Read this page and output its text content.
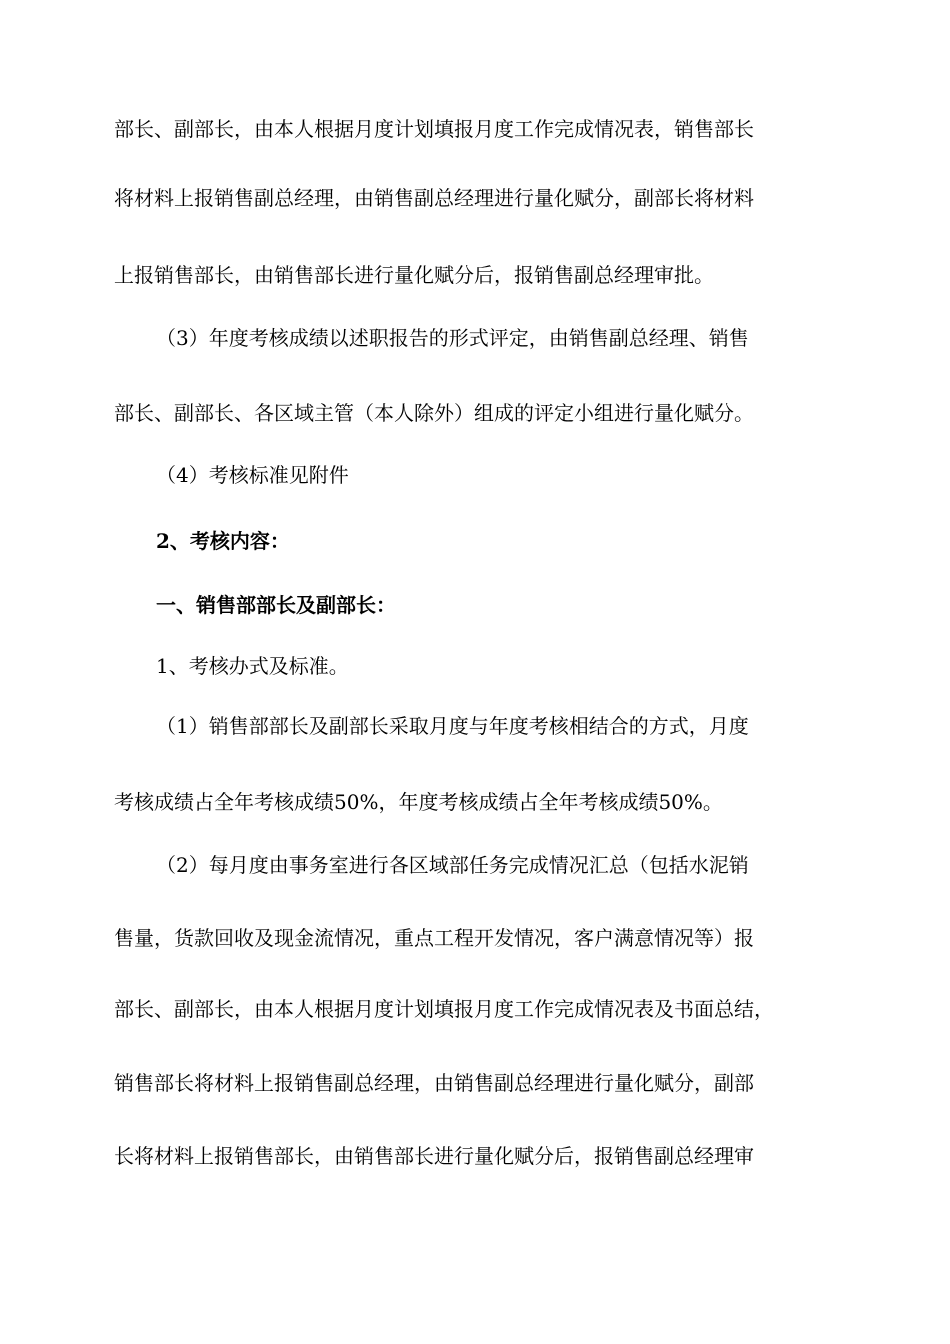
部长、副部长，由本人根据月度计划填报月度工作完成情况表，销售部长
将材料上报销售副总经理，由销售副总经理进行量化赋分，副部长将材料
上报销售部长，由销售部长进行量化赋分后，报销售副总经理审批。
（3）年度考核成绩以述职报告的形式评定，由销售副总经理、销售
部长、副部长、各区域主管（本人除外）组成的评定小组进行量化赋分。
（4）考核标准见附件
2、考核内容：
一、销售部部长及副部长：
1、考核办式及标准。
（1）销售部部长及副部长采取月度与年度考核相结合的方式，月度
考核成绩占全年考核成绩50%，年度考核成绩占全年考核成绩50%。
（2）每月度由事务室进行各区域部任务完成情况汇总（包括水泥销
售量，货款回收及现金流情况，重点工程开发情况，客户满意情况等）报
部长、副部长，由本人根据月度计划填报月度工作完成情况表及书面总结，
销售部长将材料上报销售副总经理，由销售副总经理进行量化赋分，副部
长将材料上报销售部长，由销售部长进行量化赋分后，报销售副总经理审
